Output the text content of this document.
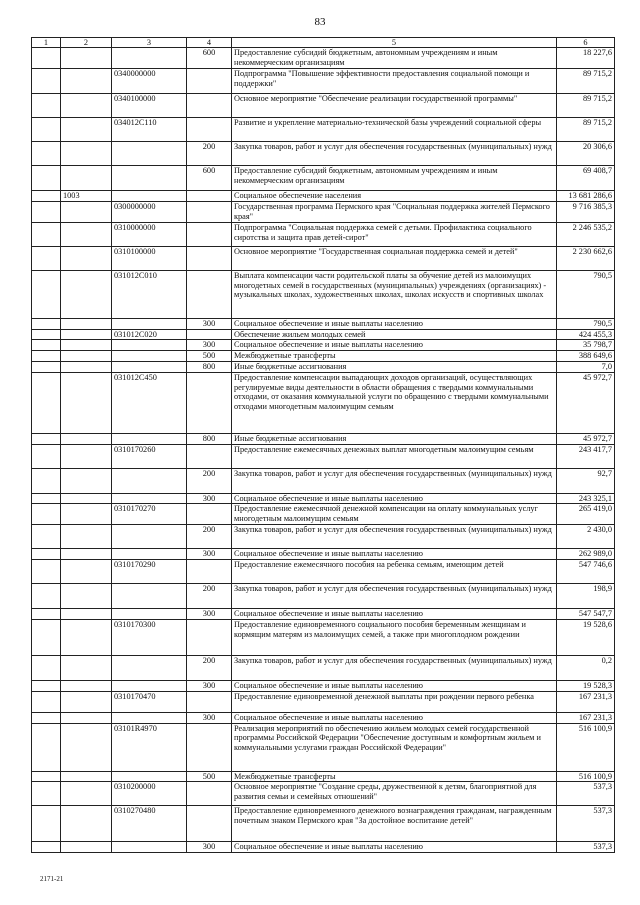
83
1	2	3	4	5	6
			600	Предоставление субсидий бюджетным, автономным учреждениям и иным некоммерческим организациям	18 227,6
		0340000000		Подпрограмма "Повышение эффективности предоставления социальной помощи и поддержки"	89 715,2
		0340100000		Основное мероприятие "Обеспечение реализации государственной программы"	89 715,2
		034012С110		Развитие и укрепление материально-технической базы учреждений социальной сферы	89 715,2
			200	Закупка товаров, работ и услуг для обеспечения государственных (муниципальных) нужд	20 306,6
			600	Предоставление субсидий бюджетным, автономным учреждениям и иным некоммерческим организациям	69 408,7
	1003			Социальное обеспечение населения	13 681 286,6
		0300000000		Государственная программа Пермского края "Социальная поддержка жителей Пермского края"	9 716 385,3
		0310000000		Подпрограмма "Социальная поддержка семей с детьми. Профилактика социального сиротства и защита прав детей-сирот"	2 246 535,2
		0310100000		Основное мероприятие "Государственная социальная поддержка семей и детей"	2 230 662,6
		031012С010		Выплата компенсации части родительской платы за обучение детей из малоимущих многодетных семей в государственных (муниципальных) учреждениях (организациях) - музыкальных школах, художественных школах, школах искусств и спортивных школах	790,5
			300	Социальное обеспечение и иные выплаты населению	790,5
		031012С020		Обеспечение жильем молодых семей	424 455,3
			300	Социальное обеспечение и иные выплаты населению	35 798,7
			500	Межбюджетные трансферты	388 649,6
			800	Иные бюджетные ассигнования	7,0
		031012С450		Предоставление компенсации выпадающих доходов организаций, осуществляющих регулируемые виды деятельности в области обращения с твердыми коммунальными отходами, от оказания коммунальной услуги по обращению с твердыми коммунальными отходами многодетным малоимущим семьям	45 972,7
			800	Иные бюджетные ассигнования	45 972,7
		0310170260		Предоставление ежемесячных денежных выплат многодетным малоимущим семьям	243 417,7
			200	Закупка товаров, работ и услуг для обеспечения государственных (муниципальных) нужд	92,7
			300	Социальное обеспечение и иные выплаты населению	243 325,1
		0310170270		Предоставление ежемесячной денежной компенсации на оплату коммунальных услуг многодетным малоимущим семьям	265 419,0
			200	Закупка товаров, работ и услуг для обеспечения государственных (муниципальных) нужд	2 430,0
			300	Социальное обеспечение и иные выплаты населению	262 989,0
		0310170290		Предоставление ежемесячного пособия на ребенка семьям, имеющим детей	547 746,6
			200	Закупка товаров, работ и услуг для обеспечения государственных (муниципальных) нужд	198,9
			300	Социальное обеспечение и иные выплаты населению	547 547,7
		0310170300		Предоставление единовременного социального пособия беременным женщинам и кормящим матерям из малоимущих семей, а также при многоплодном рождении	19 528,6
			200	Закупка товаров, работ и услуг для обеспечения государственных (муниципальных) нужд	0,2
			300	Социальное обеспечение и иные выплаты населению	19 528,3
		0310170470		Предоставление единовременной денежной выплаты при рождении первого ребенка	167 231,3
			300	Социальное обеспечение и иные выплаты населению	167 231,3
		03101R4970		Реализация мероприятий по обеспечению жильем молодых семей государственной программы Российской Федерации "Обеспечение доступным и комфортным жильем и коммунальными услугами граждан Российской Федерации"	516 100,9
			500	Межбюджетные трансферты	516 100,9
		0310200000		Основное мероприятие "Создание среды, дружественной к детям, благоприятной для развития семьи и семейных отношений"	537,3
		0310270480		Предоставление единовременного денежного вознаграждения гражданам, награжденным почетным знаком Пермского края "За достойное воспитание детей"	537,3
			300	Социальное обеспечение и иные выплаты населению	537,3
2171-21
